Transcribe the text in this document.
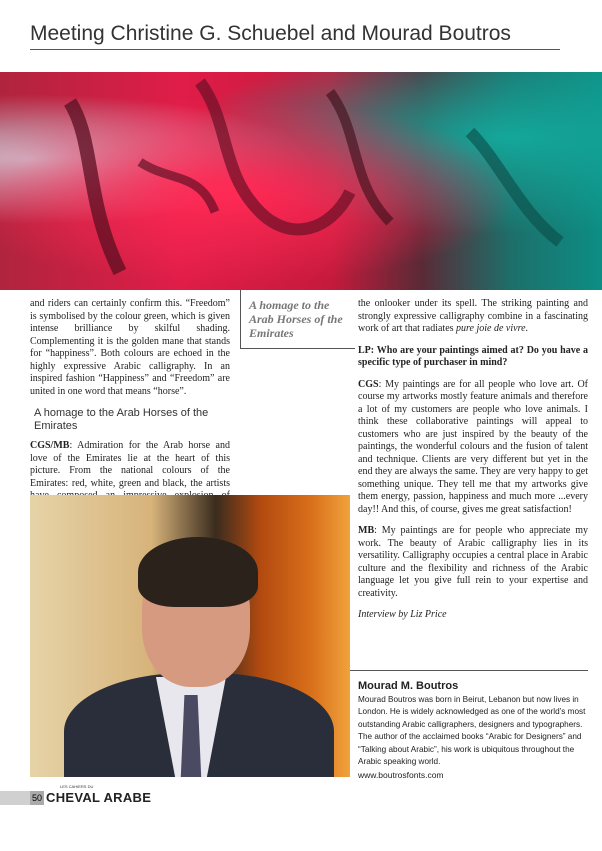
Meeting Christine G. Schuebel and Mourad Boutros

and riders can certainly confirm this. “Freedom” is symbolised by the colour green, which is given intense brilliance by skilful shading. Complementing it is the golden mane that stands for “happiness”. Both colours are echoed in the highly expressive Arabic calligraphy. In an inspired fashion “Happiness” and “Freedom” are united in one word that means “horse”.

A homage to the Arab Horses of the Emirates

CGS/MB: Admiration for the Arab horse and love of the Emirates lie at the heart of this picture. From the national colours of the Emirates: red, white, green and black, the artists

A homage to the Arab Horses of the Emirates

the onlooker under its spell. The striking painting and strongly expressive calligraphy combine in a fascinating work of art that radiates pure joie de vivre.

LP: Who are your paintings aimed at? Do you have a specific type of purchaser in mind?

CGS: My paintings are for all people who love art. Of course my artworks mostly feature animals and therefore a lot of my customers are people who love animals. I think these collaborative paintings will appeal to customers who are just inspired by the beauty of the paintings, the wonderful colours and the fusion of talent and technique. Clients are very different but yet in the end they are always the same. They are very happy to get something unique. They tell me that my artworks give them energy, passion, happiness and much more ...every day!! And this, of course, gives me great satisfaction!

MB: My paintings are for people who appreciate my work. The beauty of Arabic calligraphy lies in its versatility. Calligraphy occupies a central place in Arabic culture and the flexibility and richness of the Arabic language let you give full rein to your expertise and creativity.

Interview by Liz Price

Mourad M. Boutros
Mourad Boutros was born in Beirut, Lebanon but now lives in London. He is widely acknowledged as one of the world’s most outstanding Arabic calligraphers, designers and typographers. The author of the acclaimed books “Arabic for Designers” and “Talking about Arabic”, his work is ubiquitous throughout the Arabic speaking world.
www.boutrosfonts.com
50
LES CAHIERS DU
CHEVAL ARABE
